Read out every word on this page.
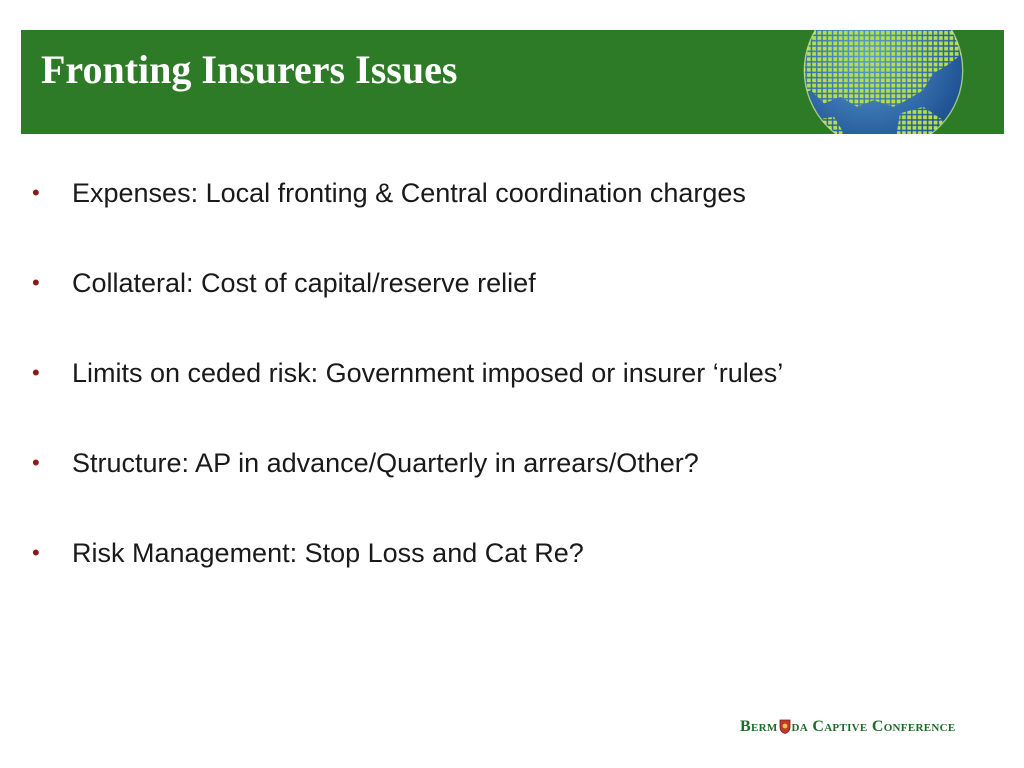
Fronting Insurers Issues
• Expenses: Local fronting & Central coordination charges
• Collateral: Cost of capital/reserve relief
• Limits on ceded risk: Government imposed or insurer ‘rules’
• Structure: AP in advance/Quarterly in arrears/Other?
• Risk Management: Stop Loss and Cat Re?
Berm da Captive Conference
